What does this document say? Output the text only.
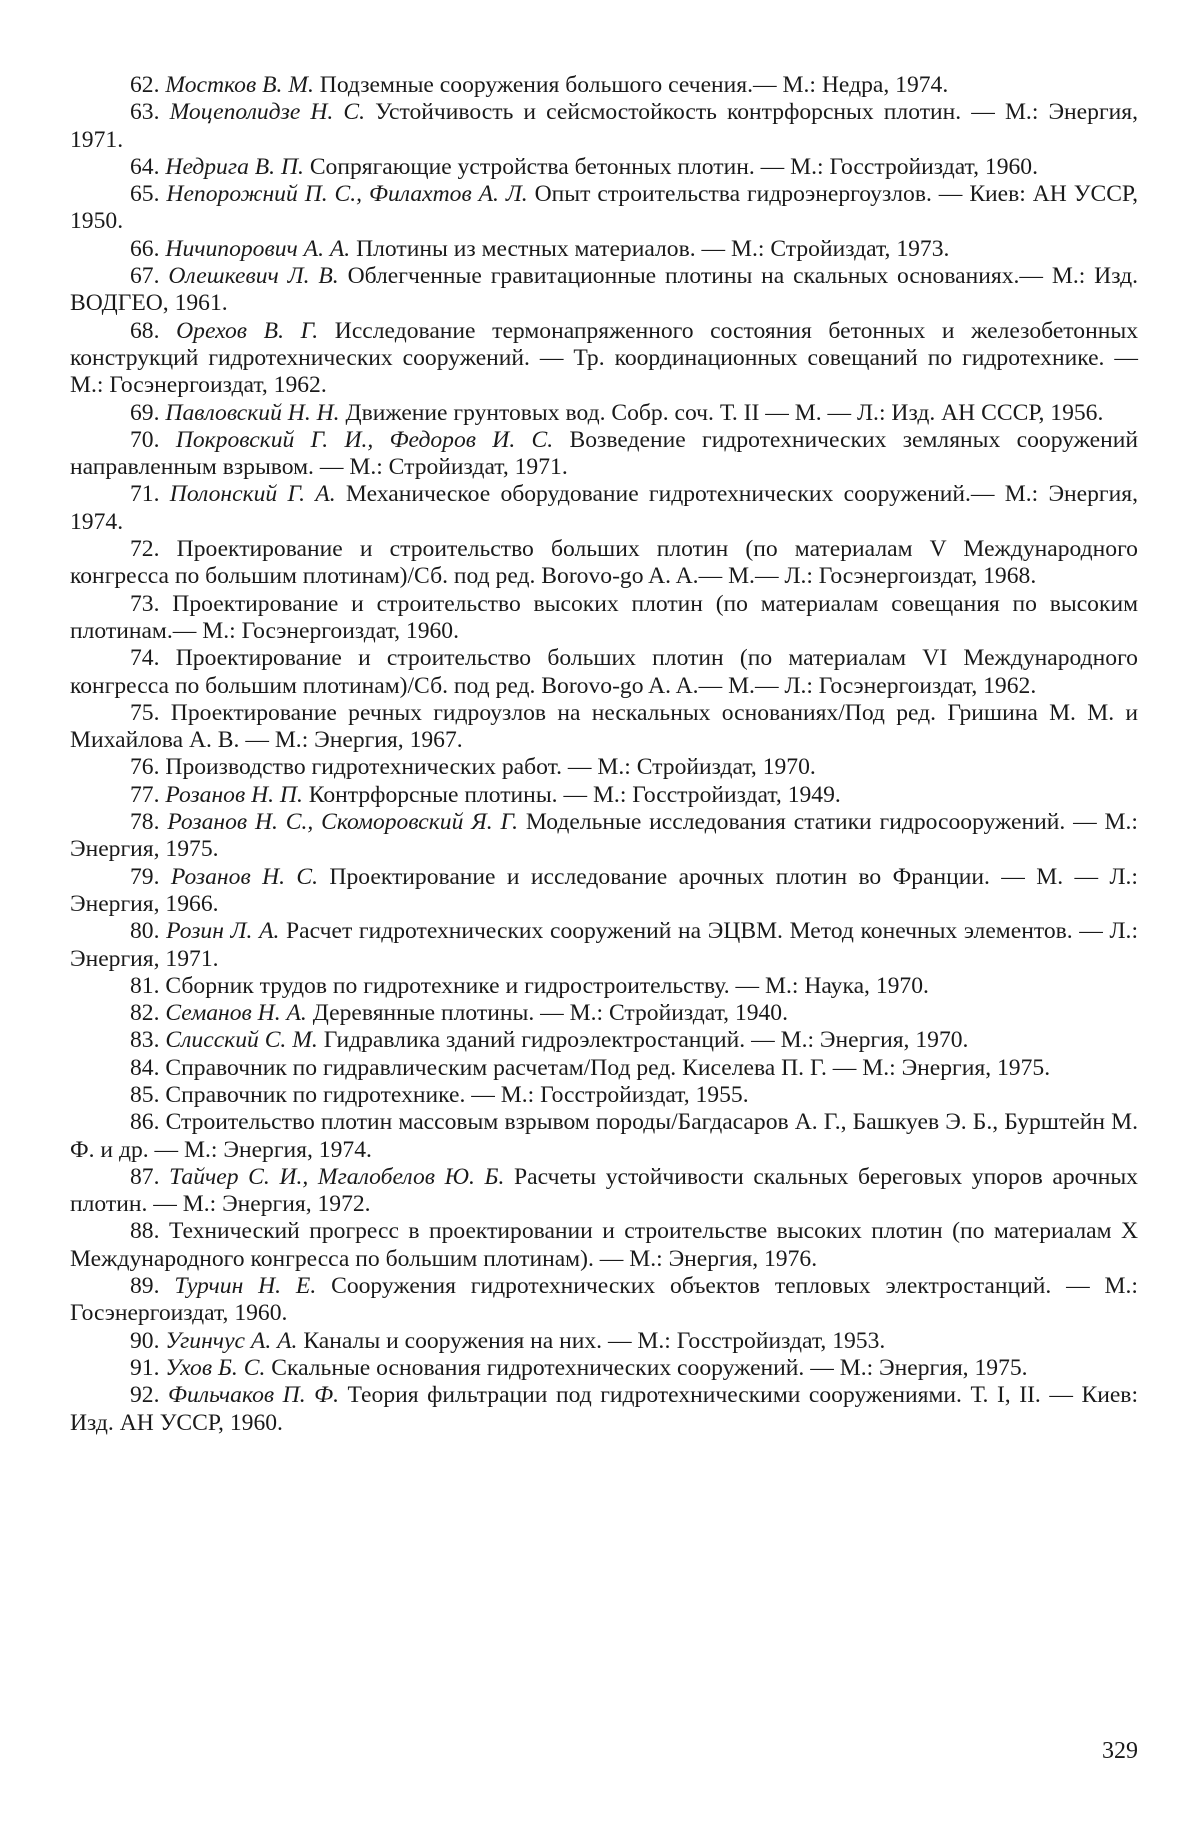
62. Мостков В. М. Подземные сооружения большого сечения.— М.: Недра, 1974.

63. Моцеполидзе Н. С. Устойчивость и сейсмостойкость контрфорсных плотин. — М.: Энергия, 1971.

64. Недрига В. П. Сопрягающие устройства бетонных плотин. — М.: Госстройиздат, 1960.

65. Непорожний П. С., Филахтов А. Л. Опыт строительства гидроэнергоузлов. — Киев: АН УССР, 1950.

66. Ничипорович А. А. Плотины из местных материалов. — М.: Стройиздат, 1973.

67. Олешкевич Л. В. Облегченные гравитационные плотины на скальных основаниях.— М.: Изд. ВОДГЕО, 1961.

68. Орехов В. Г. Исследование термонапряженного состояния бетонных и железобетонных конструкций гидротехнических сооружений. — Тр. координационных совещаний по гидротехнике. — М.: Госэнергоиздат, 1962.

69. Павловский Н. Н. Движение грунтовых вод. Собр. соч. Т. II — М. — Л.: Изд. АН СССР, 1956.

70. Покровский Г. И., Федоров И. С. Возведение гидротехнических земляных сооружений направленным взрывом. — М.: Стройиздат, 1971.

71. Полонский Г. А. Механическое оборудование гидротехнических сооружений.— М.: Энергия, 1974.

72. Проектирование и строительство больших плотин (по материалам V Международного конгресса по большим плотинам)/Сб. под ред. Borovo-go A. A.— М.— Л.: Госэнергоиздат, 1968.

73. Проектирование и строительство высоких плотин (по материалам совещания по высоким плотинам.— М.: Госэнергоиздат, 1960.

74. Проектирование и строительство больших плотин (по материалам VI Международного конгресса по большим плотинам)/Сб. под ред. Borovo-go A. A.— М.— Л.: Госэнергоиздат, 1962.

75. Проектирование речных гидроузлов на нескальных основаниях/Под ред. Гришина М. М. и Михайлова А. В. — М.: Энергия, 1967.

76. Производство гидротехнических работ. — М.: Стройиздат, 1970.

77. Розанов Н. П. Контрфорсные плотины. — М.: Госстройиздат, 1949.

78. Розанов Н. С., Скоморовский Я. Г. Модельные исследования статики гидросооружений. — М.: Энергия, 1975.

79. Розанов Н. С. Проектирование и исследование арочных плотин во Франции. — М. — Л.: Энергия, 1966.

80. Розин Л. А. Расчет гидротехнических сооружений на ЭЦВМ. Метод конечных элементов. — Л.: Энергия, 1971.

81. Сборник трудов по гидротехнике и гидростроительству. — М.: Наука, 1970.

82. Семанов Н. А. Деревянные плотины. — М.: Стройиздат, 1940.

83. Слисский С. М. Гидравлика зданий гидроэлектростанций. — М.: Энергия, 1970.

84. Справочник по гидравлическим расчетам/Под ред. Киселева П. Г. — М.: Энергия, 1975.

85. Справочник по гидротехнике. — М.: Госстройиздат, 1955.

86. Строительство плотин массовым взрывом породы/Багдасаров А. Г., Башкуев Э. Б., Бурштейн М. Ф. и др. — М.: Энергия, 1974.

87. Тайчер С. И., Мгалобелов Ю. Б. Расчеты устойчивости скальных береговых упоров арочных плотин. — М.: Энергия, 1972.

88. Технический прогресс в проектировании и строительстве высоких плотин (по материалам X Международного конгресса по большим плотинам). — М.: Энергия, 1976.

89. Турчин Н. Е. Сооружения гидротехнических объектов тепловых электростанций. — М.: Госэнергоиздат, 1960.

90. Угинчус А. А. Каналы и сооружения на них. — М.: Госстройиздат, 1953.

91. Ухов Б. С. Скальные основания гидротехнических сооружений. — М.: Энергия, 1975.

92. Фильчаков П. Ф. Теория фильтрации под гидротехническими сооружениями. Т. I, II. — Киев: Изд. АН УССР, 1960.

329
